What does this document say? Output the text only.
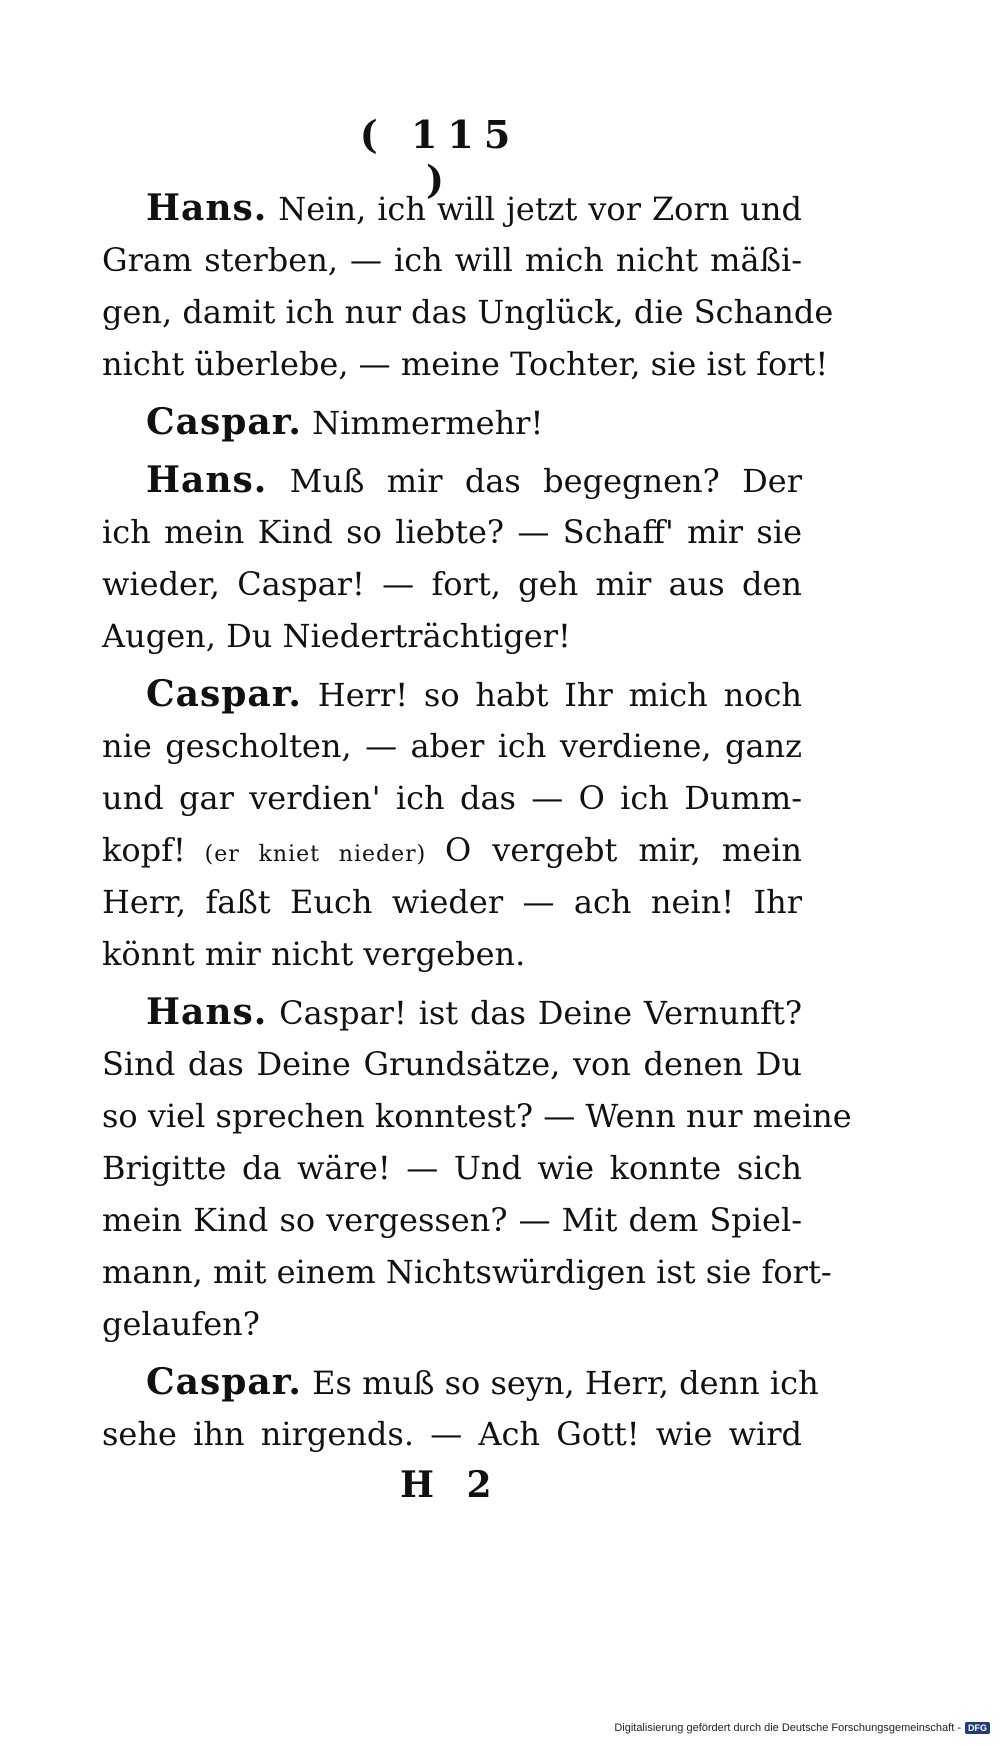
( 115 )
Hans. Nein, ich will jetzt vor Zorn und
Gram sterben, — ich will mich nicht mäßi-
gen, damit ich nur das Unglück, die Schande
nicht überlebe, — meine Tochter, sie ist fort!
Caspar. Nimmermehr!
Hans. Muß mir das begegnen? Der
ich mein Kind so liebte? — Schaff' mir sie
wieder, Caspar! — fort, geh mir aus den
Augen, Du Niederträchtiger!
Caspar. Herr! so habt Ihr mich noch
nie gescholten, — aber ich verdiene, ganz
und gar verdien' ich das — O ich Dumm-
kopf! (er kniet nieder) O vergebt mir, mein
Herr, faßt Euch wieder — ach nein! Ihr
könnt mir nicht vergeben.
Hans. Caspar! ist das Deine Vernunft?
Sind das Deine Grundsätze, von denen Du
so viel sprechen konntest? — Wenn nur meine
Brigitte da wäre! — Und wie konnte sich
mein Kind so vergessen? — Mit dem Spiel-
mann, mit einem Nichtswürdigen ist sie fort-
gelaufen?
Caspar. Es muß so seyn, Herr, denn ich
sehe ihn nirgends. — Ach Gott! wie wird
H 2
Digitalisierung gefördert durch die Deutsche Forschungsgemeinschaft - DFG
